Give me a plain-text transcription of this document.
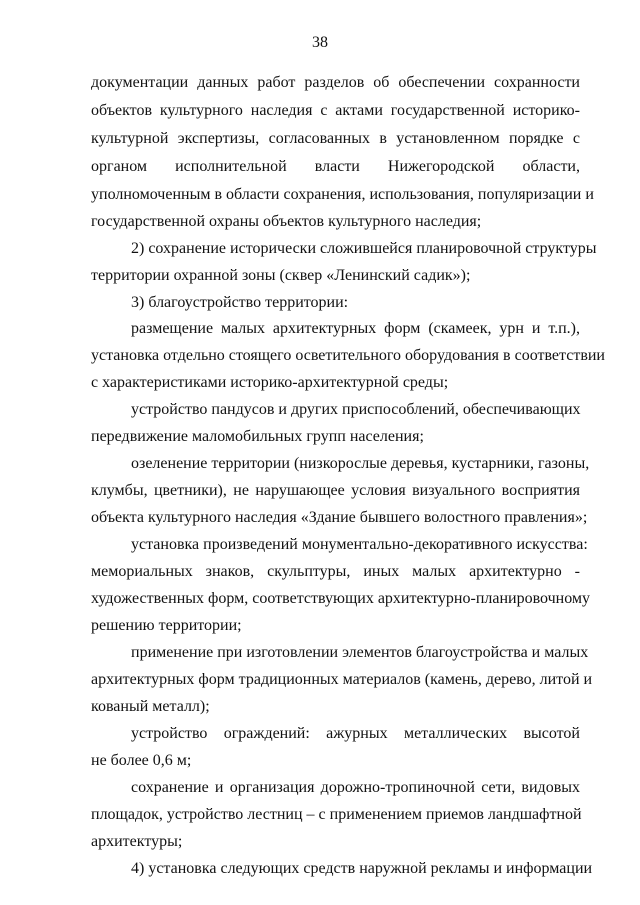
38
документации данных работ разделов об обеспечении сохранности
объектов культурного наследия с актами государственной историко-
культурной экспертизы, согласованных в установленном порядке с
органом исполнительной власти Нижегородской области,
уполномоченным в области сохранения, использования, популяризации и
государственной охраны объектов культурного наследия;
2) сохранение исторически сложившейся планировочной структуры
территории охранной зоны (сквер «Ленинский садик»);
3) благоустройство территории:
размещение малых архитектурных форм (скамеек, урн и т.п.),
установка отдельно стоящего осветительного оборудования в соответствии
с характеристиками историко-архитектурной среды;
устройство пандусов и других приспособлений, обеспечивающих
передвижение маломобильных групп населения;
озеленение территории (низкорослые деревья, кустарники, газоны,
клумбы, цветники), не нарушающее условия визуального восприятия
объекта культурного наследия «Здание бывшего волостного правления»;
установка произведений монументально-декоративного искусства:
мемориальных знаков, скульптуры, иных малых архитектурно -
художественных форм, соответствующих архитектурно-планировочному
решению территории;
применение при изготовлении элементов благоустройства и малых
архитектурных форм традиционных материалов (камень, дерево, литой и
кованый металл);
устройство ограждений: ажурных металлических высотой
не более 0,6 м;
сохранение и организация дорожно-тропиночной сети, видовых
площадок, устройство лестниц – с применением приемов ландшафтной
архитектуры;
4) установка следующих средств наружной рекламы и информации
